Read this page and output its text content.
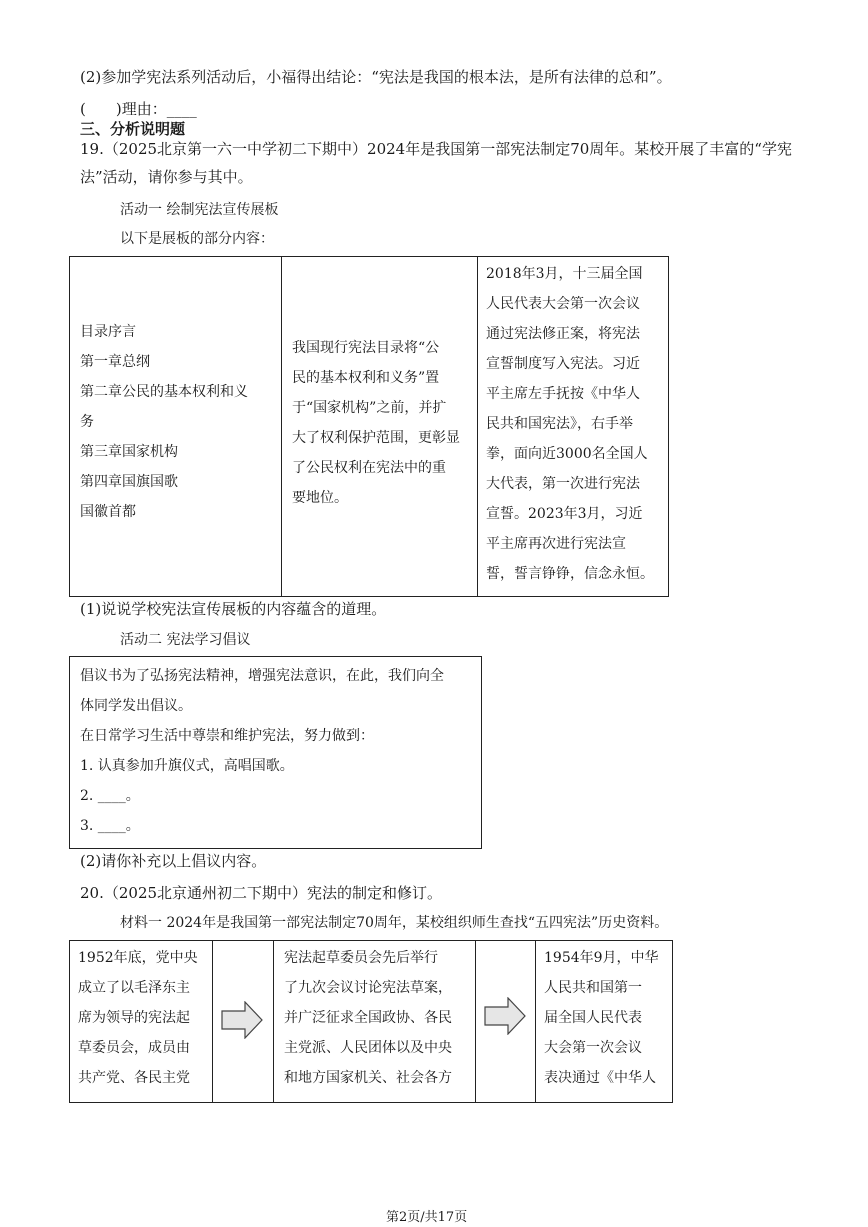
(2)参加学宪法系列活动后，小福得出结论：“宪法是我国的根本法，是所有法律的总和”。
( )理由：____
三、分析说明题
19.（2025北京第一六一中学初二下期中）2024年是我国第一部宪法制定70周年。某校开展了丰富的“学宪
法”活动，请你参与其中。
活动一 绘制宪法宣传展板
以下是展板的部分内容：
目录序言
第一章总纲
第二章公民的基本权利和义
务
第三章国家机构
第四章国旗国歌
国徽首都
我国现行宪法目录将“公
民的基本权利和义务”置
于“国家机构”之前，并扩
大了权利保护范围，更彰显
了公民权利在宪法中的重
要地位。
2018年3月，十三届全国
人民代表大会第一次会议
通过宪法修正案，将宪法
宣誓制度写入宪法。习近
平主席左手抚按《中华人
民共和国宪法》，右手举
拳，面向近3000名全国人
大代表，第一次进行宪法
宣誓。2023年3月，习近
平主席再次进行宪法宣
誓，誓言铮铮，信念永恒。
(1)说说学校宪法宣传展板的内容蕴含的道理。
活动二 宪法学习倡议
倡议书为了弘扬宪法精神，增强宪法意识，在此，我们向全
体同学发出倡议。
在日常学习生活中尊崇和维护宪法，努力做到：
1. 认真参加升旗仪式，高唱国歌。
2. ____。
3. ____。
(2)请你补充以上倡议内容。
20.（2025北京通州初二下期中）宪法的制定和修订。
材料一 2024年是我国第一部宪法制定70周年，某校组织师生查找“五四宪法”历史资料。
1952年底，党中央
成立了以毛泽东主
席为领导的宪法起
草委员会，成员由
共产党、各民主党
宪法起草委员会先后举行
了九次会议讨论宪法草案，
并广泛征求全国政协、各民
主党派、人民团体以及中央
和地方国家机关、社会各方
1954年9月，中华
人民共和国第一
届全国人民代表
大会第一次会议
表决通过《中华人
第2页/共17页
